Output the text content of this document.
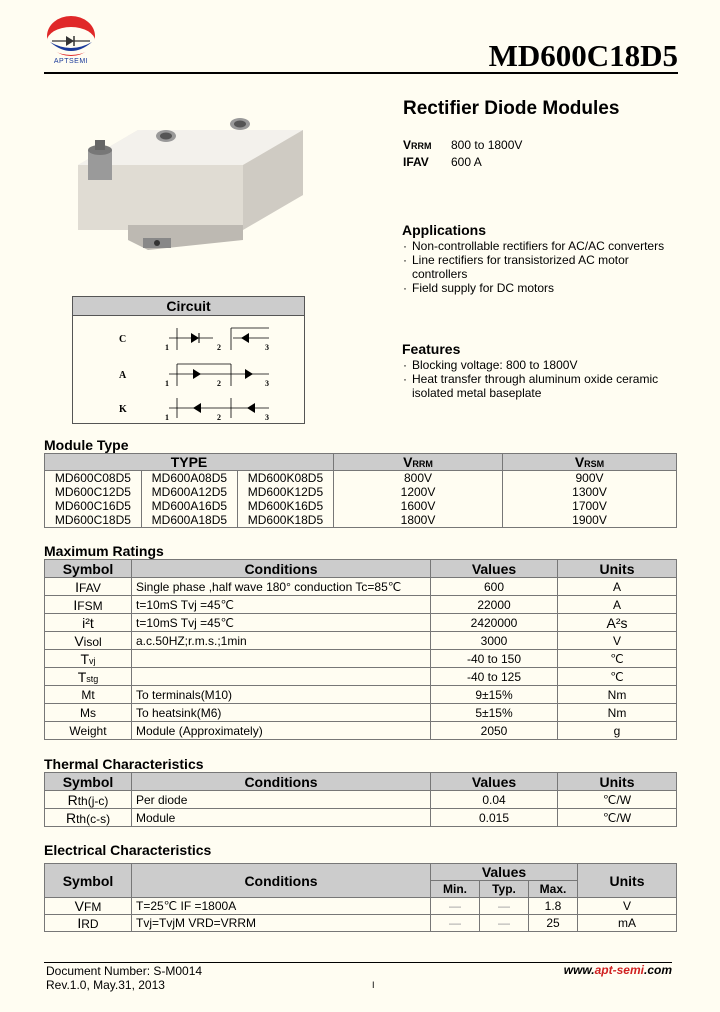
APTSEMI	MD600C18D5
Rectifier Diode Modules
VRRM 800 to 1800V
IFAV 600 A
Applications
· Non-controllable rectifiers for AC/AC converters
· Line rectifiers for transistorized AC motor controllers
· Field supply for DC motors
Features
· Blocking voltage: 800 to 1800V
· Heat transfer through aluminum oxide ceramic isolated metal baseplate
Circuit
C
A
K
1	2	3
1	2	3
1	2	3
Module Type
TYPE			VRRM	VRSM
MD600C08D5	MD600A08D5	MD600K08D5	800V	900V
MD600C12D5	MD600A12D5	MD600K12D5	1200V	1300V
MD600C16D5	MD600A16D5	MD600K16D5	1600V	1700V
MD600C18D5	MD600A18D5	MD600K18D5	1800V	1900V
Maximum Ratings
Symbol	Conditions	Values	Units
IFAV	Single phase ,half wave 180° conduction Tc=85℃	600	A
IFSM	t=10mS Tvj =45℃	22000	A
i²t	t=10mS Tvj =45℃	2420000	A²s
Visol	a.c.50HZ;r.m.s.;1min	3000	V
Tvj		-40 to 150	℃
Tstg		-40 to 125	℃
Mt	To terminals(M10)	9±15%	Nm
Ms	To heatsink(M6)	5±15%	Nm
Weight	Module (Approximately)	2050	g
Thermal Characteristics
Symbol	Conditions	Values	Units
Rth(j-c)	Per diode	0.04	℃/W
Rth(c-s)	Module	0.015	℃/W
Electrical Characteristics
Symbol	Conditions	Values			Units
		Min.	Typ.	Max.	
VFM	T=25℃ IF =1800A	—	—	1.8	V
IRD	Tvj=TvjM VRD=VRRM	—	—	25	mA
Document Number: S-M0014
Rev.1.0, May.31, 2013	I
www.apt-semi.com
